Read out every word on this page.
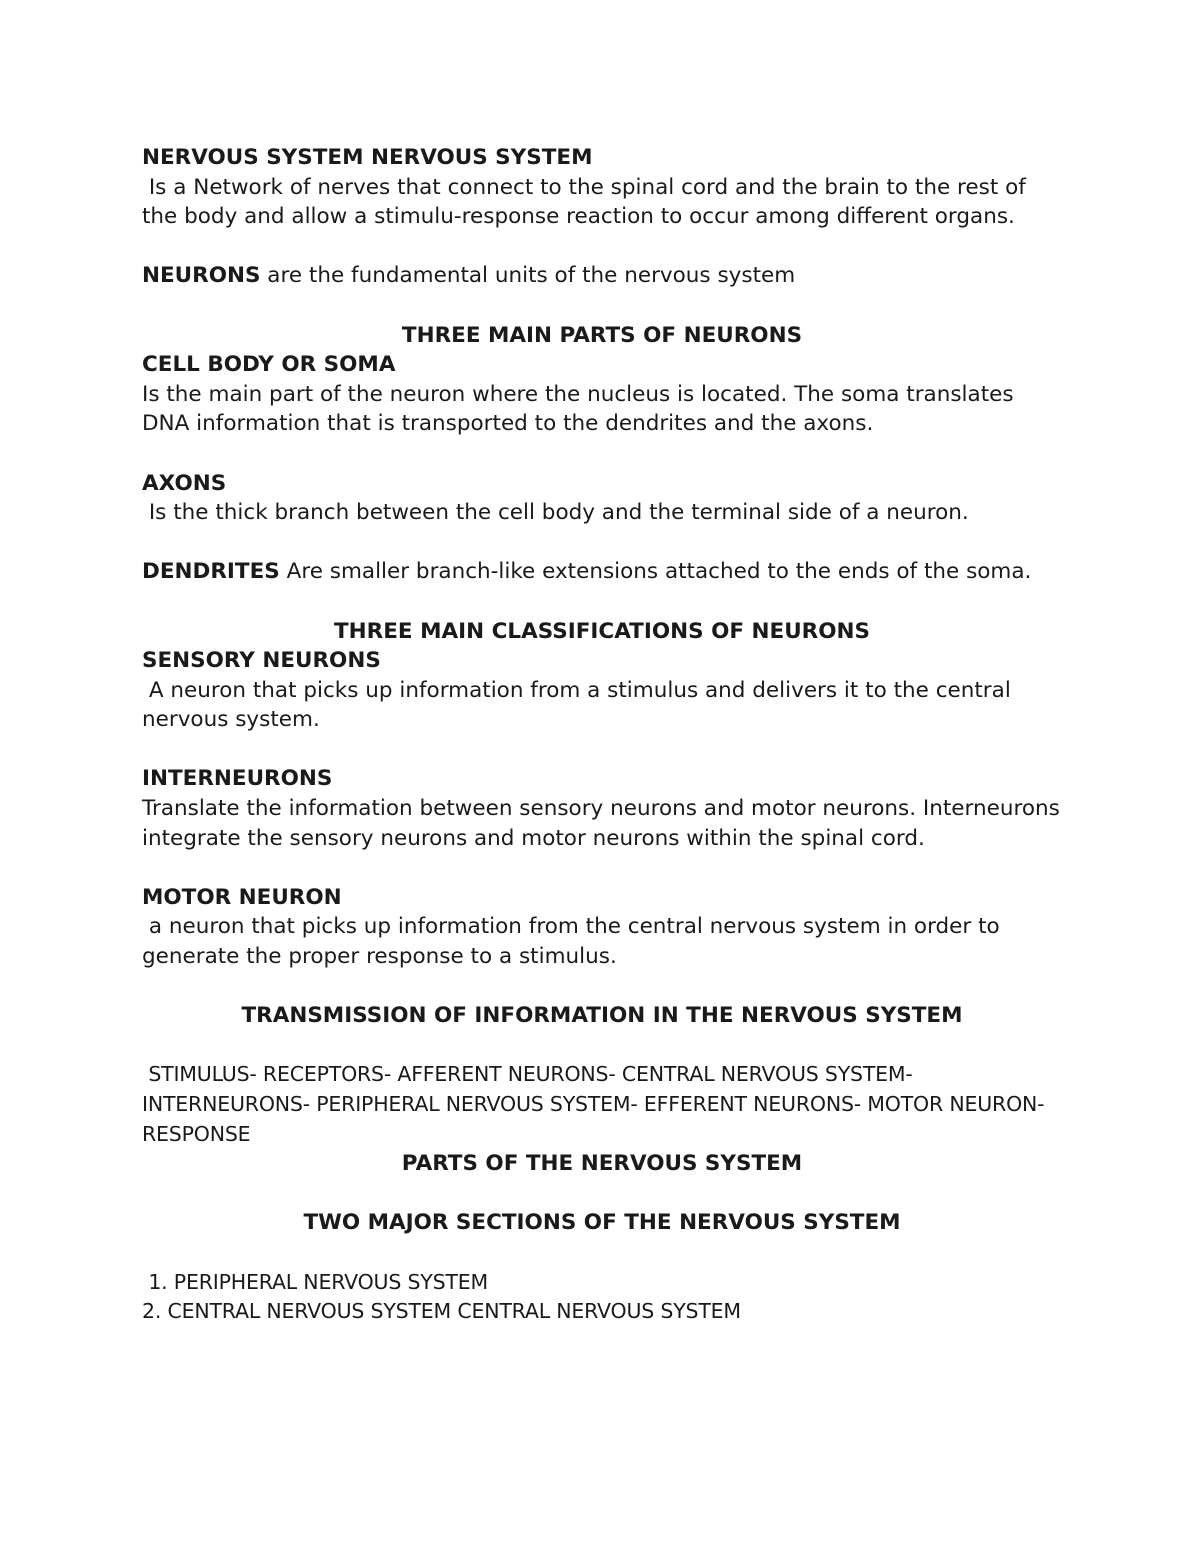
NERVOUS SYSTEM NERVOUS SYSTEM

Is a Network of nerves that connect to the spinal cord and the brain to the rest of the body and allow a stimulu-response reaction to occur among different organs.

NEURONS are the fundamental units of the nervous system

THREE MAIN PARTS OF NEURONS
CELL BODY OR SOMA

Is the main part of the neuron where the nucleus is located. The soma translates DNA information that is transported to the dendrites and the axons.

AXONS

Is the thick branch between the cell body and the terminal side of a neuron.

DENDRITES Are smaller branch-like extensions attached to the ends of the soma.

THREE MAIN CLASSIFICATIONS OF NEURONS
SENSORY NEURONS

A neuron that picks up information from a stimulus and delivers it to the central nervous system.

INTERNEURONS

Translate the information between sensory neurons and motor neurons. Interneurons integrate the sensory neurons and motor neurons within the spinal cord.

MOTOR NEURON

a neuron that picks up information from the central nervous system in order to generate the proper response to a stimulus.

TRANSMISSION OF INFORMATION IN THE NERVOUS SYSTEM

STIMULUS- RECEPTORS- AFFERENT NEURONS- CENTRAL NERVOUS SYSTEM- INTERNEURONS- PERIPHERAL NERVOUS SYSTEM- EFFERENT NEURONS- MOTOR NEURON- RESPONSE

PARTS OF THE NERVOUS SYSTEM
TWO MAJOR SECTIONS OF THE NERVOUS SYSTEM
1. PERIPHERAL NERVOUS SYSTEM
2. CENTRAL NERVOUS SYSTEM CENTRAL NERVOUS SYSTEM
